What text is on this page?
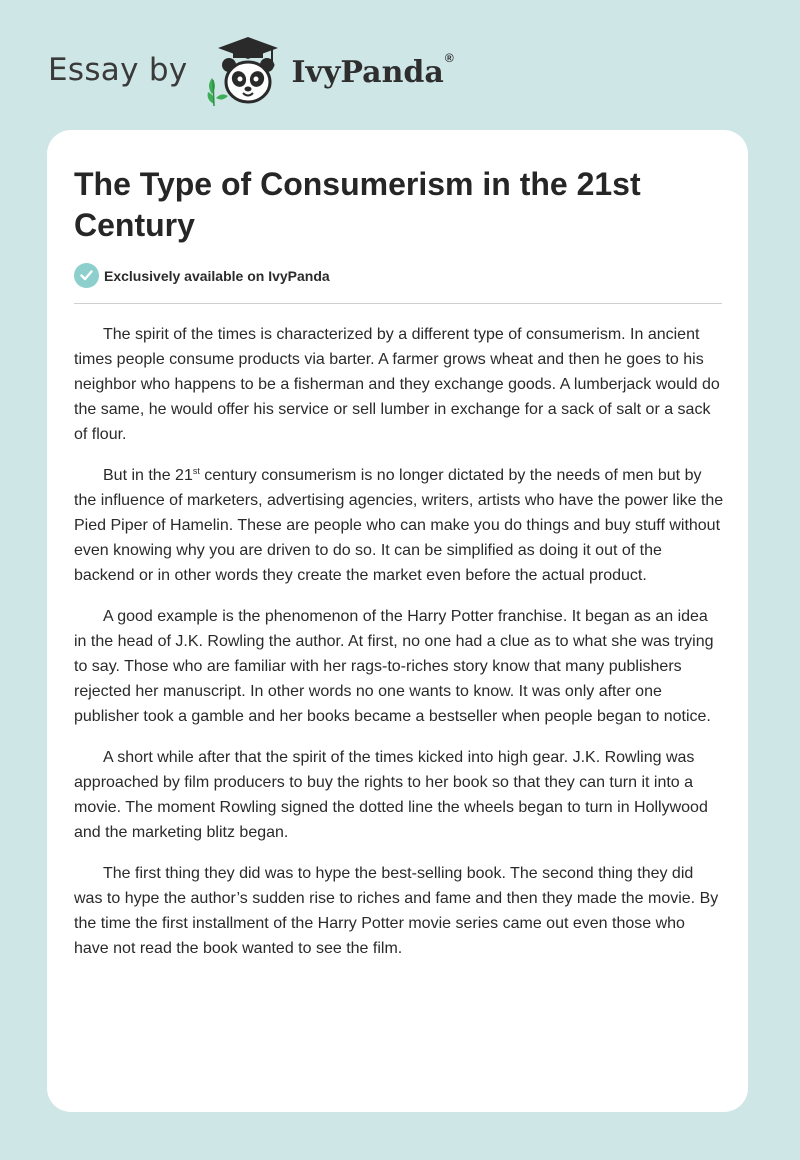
Essay by	IvyPanda®
The Type of Consumerism in the 21st Century
Exclusively available on IvyPanda

The spirit of the times is characterized by a different type of consumerism. In ancient times people consume products via barter. A farmer grows wheat and then he goes to his neighbor who happens to be a fisherman and they exchange goods. A lumberjack would do the same, he would offer his service or sell lumber in exchange for a sack of salt or a sack of flour.

But in the 21st century consumerism is no longer dictated by the needs of men but by the influence of marketers, advertising agencies, writers, artists who have the power like the Pied Piper of Hamelin. These are people who can make you do things and buy stuff without even knowing why you are driven to do so. It can be simplified as doing it out of the backend or in other words they create the market even before the actual product.

A good example is the phenomenon of the Harry Potter franchise. It began as an idea in the head of J.K. Rowling the author. At first, no one had a clue as to what she was trying to say. Those who are familiar with her rags-to-riches story know that many publishers rejected her manuscript. In other words no one wants to know. It was only after one publisher took a gamble and her books became a bestseller when people began to notice.

A short while after that the spirit of the times kicked into high gear. J.K. Rowling was approached by film producers to buy the rights to her book so that they can turn it into a movie. The moment Rowling signed the dotted line the wheels began to turn in Hollywood and the marketing blitz began.

The first thing they did was to hype the best-selling book. The second thing they did was to hype the author’s sudden rise to riches and fame and then they made the movie. By the time the first installment of the Harry Potter movie series came out even those who have not read the book wanted to see the film.
